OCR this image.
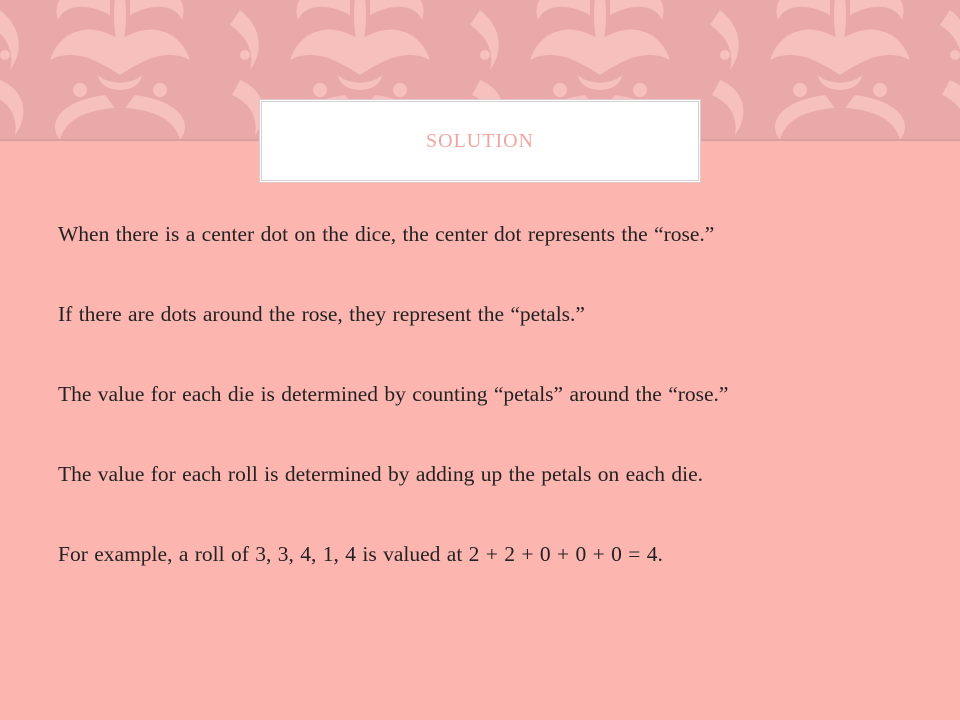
SOLUTION
When there is a center dot on the dice, the center dot represents the “rose.”
If there are dots around the rose, they represent the “petals.”
The value for each die is determined by counting “petals” around the “rose.”
The value for each roll is determined by adding up the petals on each die.
For example, a roll of 3, 3, 4, 1, 4 is valued at 2 + 2 + 0 + 0 + 0 = 4.
